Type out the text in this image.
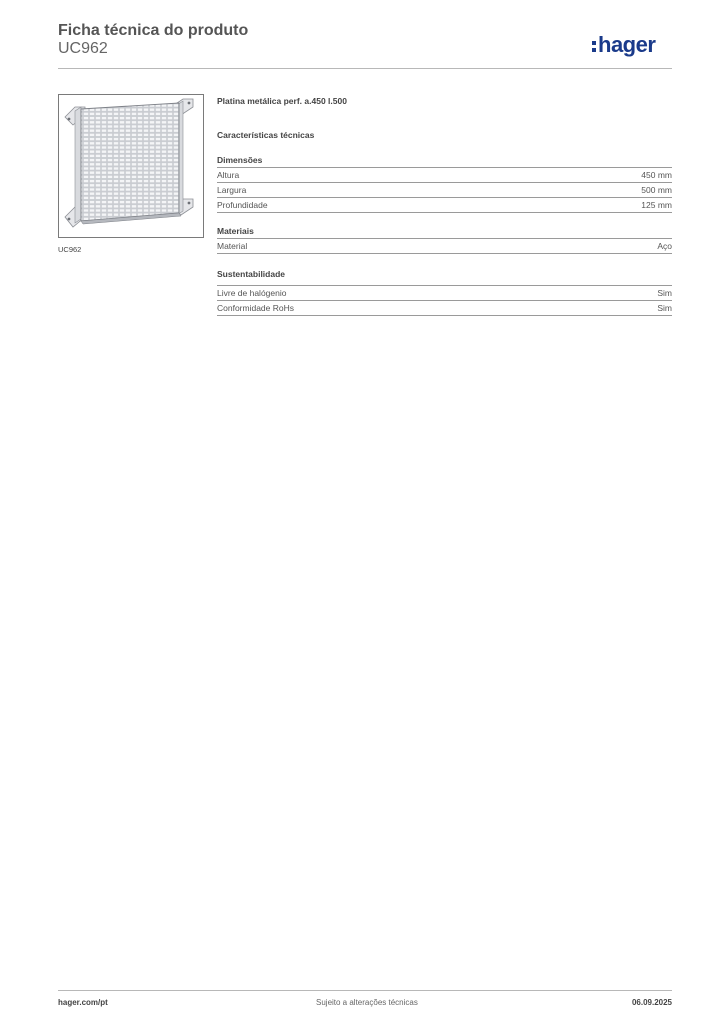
Ficha técnica do produto
UC962	hager
UC962
Platina metálica perf. a.450 l.500
Características técnicas
Dimensões
Altura	450 mm
Largura	500 mm
Profundidade	125 mm
Materiais
Material	Aço
Sustentabilidade
Livre de halógenio	Sim
Conformidade RoHs	Sim
hager.com/pt	Sujeito a alterações técnicas	06.09.2025
